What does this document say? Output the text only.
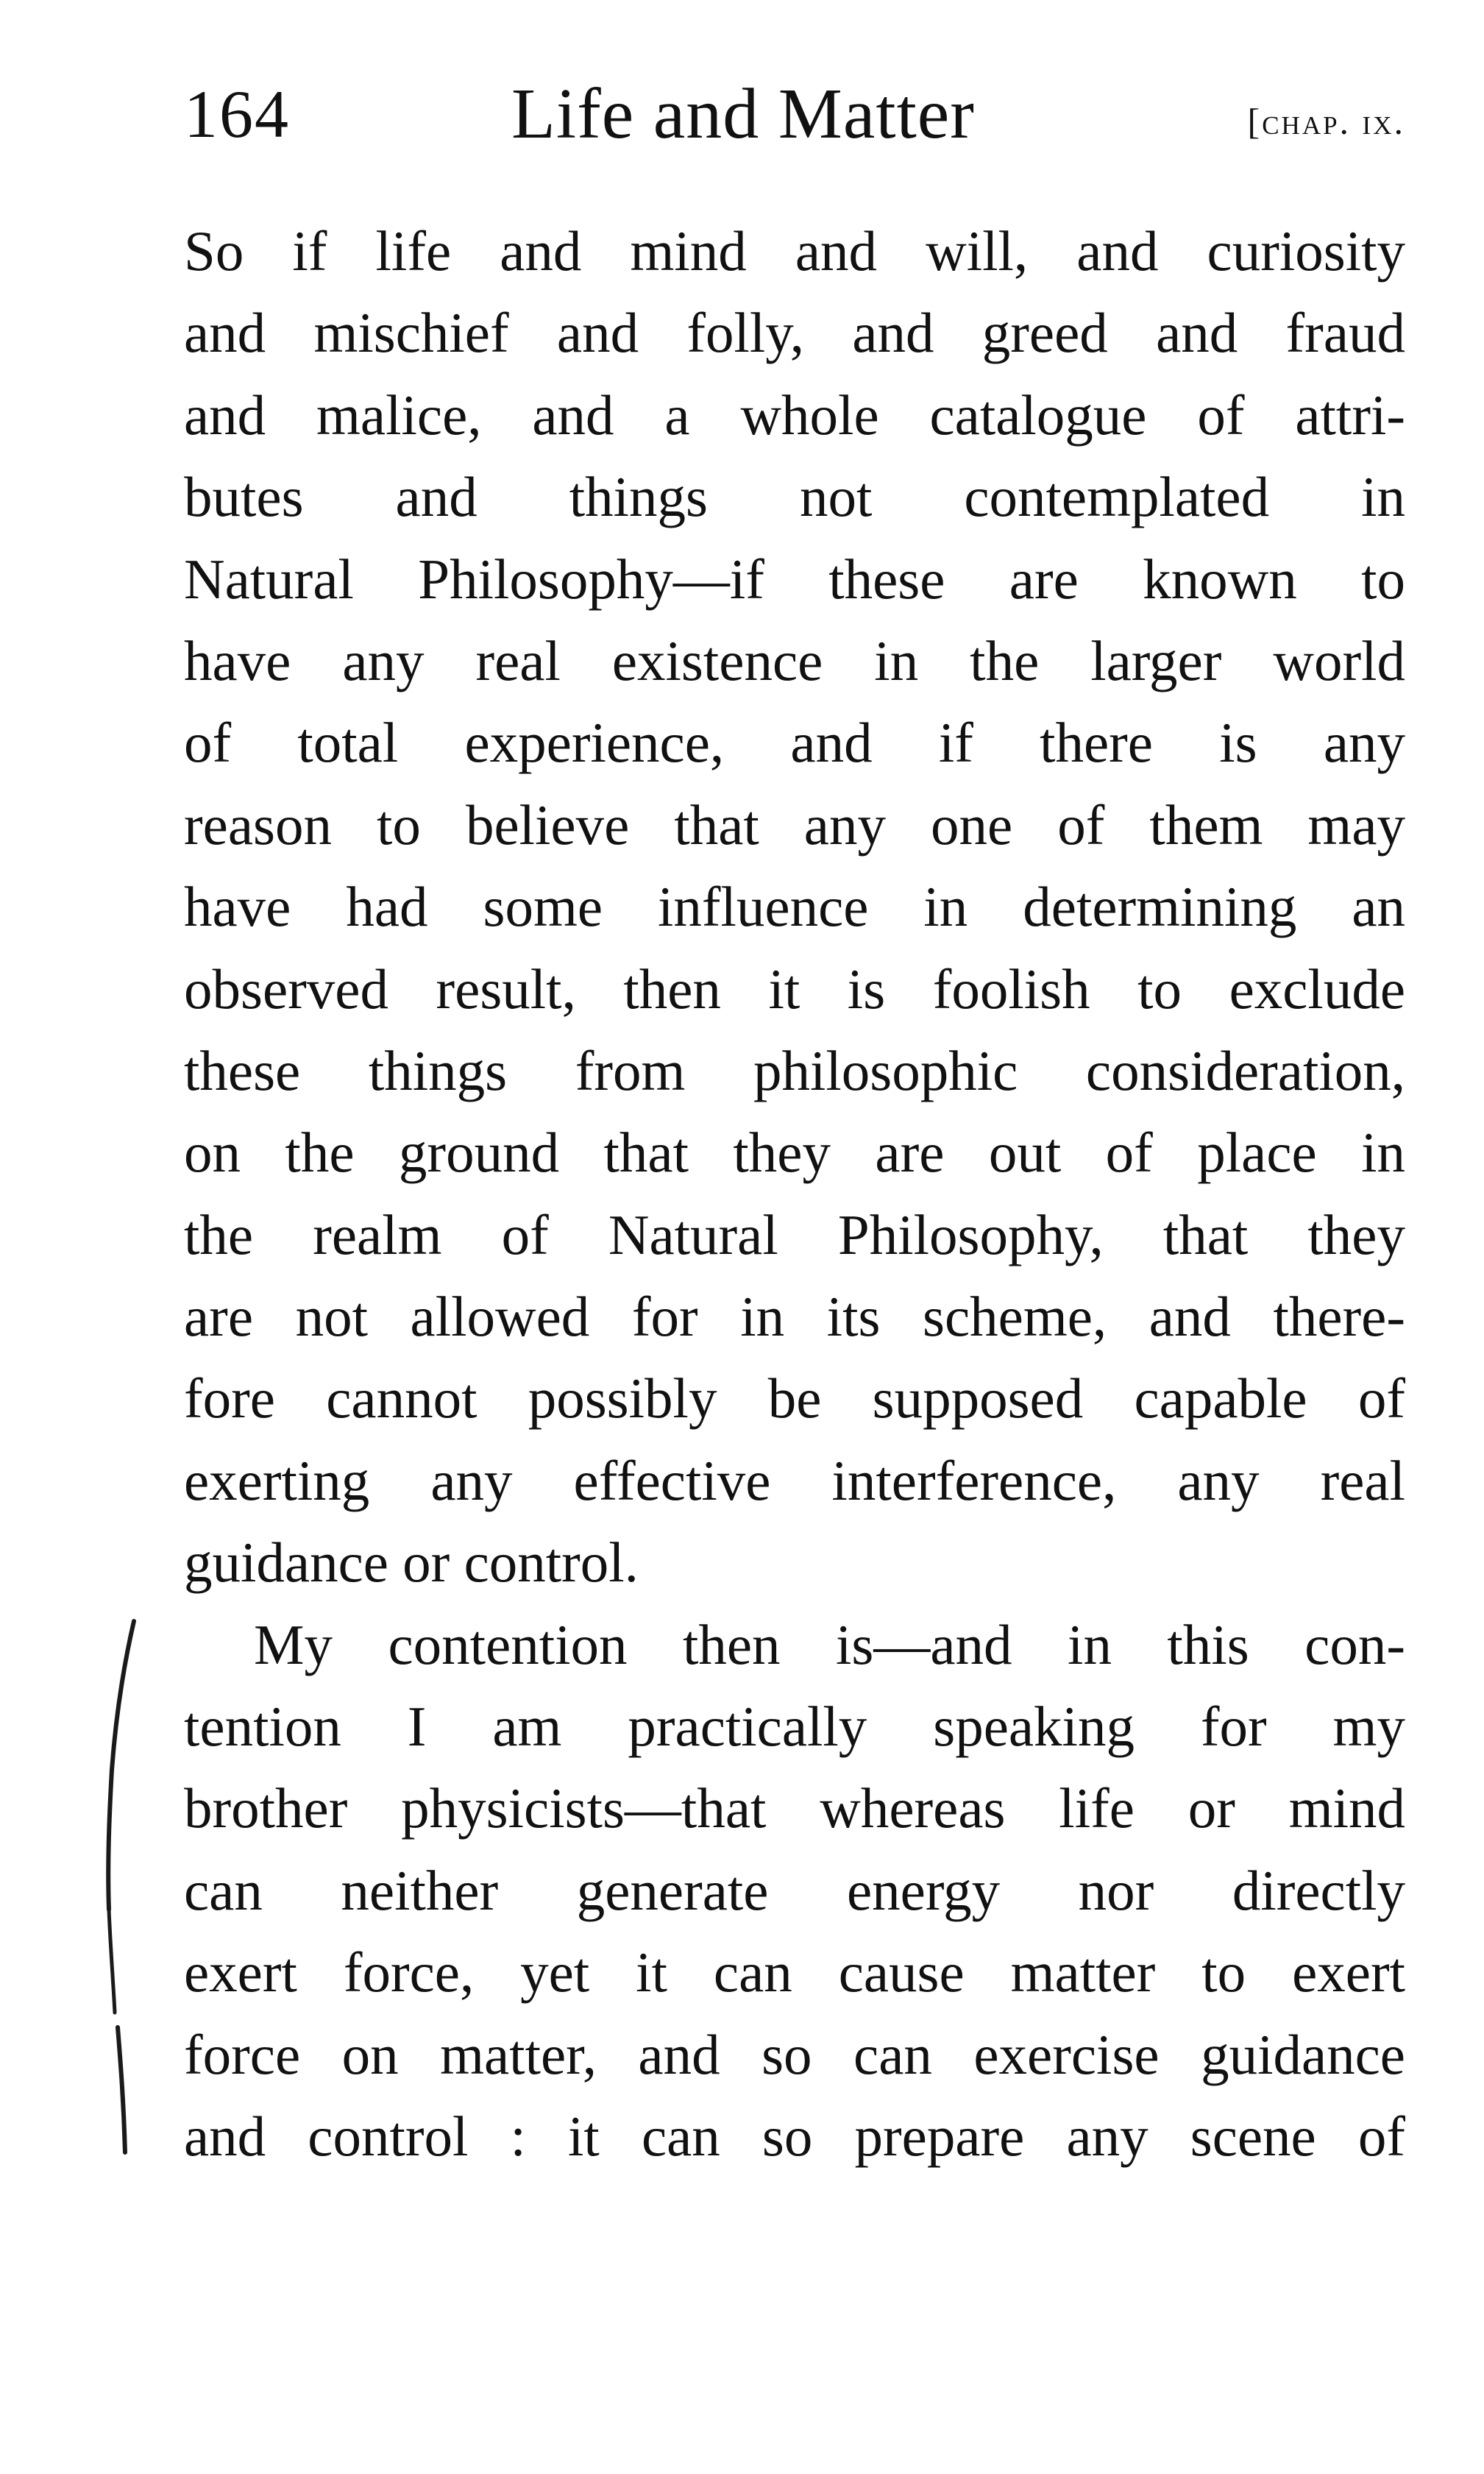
164	Life and Matter	[chap. ix.
So if life and mind and will, and curiosity
and mischief and folly, and greed and fraud
and malice, and a whole catalogue of attri-
butes and things not contemplated in
Natural Philosophy—if these are known to
have any real existence in the larger world
of total experience, and if there is any
reason to believe that any one of them may
have had some influence in determining an
observed result, then it is foolish to exclude
these things from philosophic consideration,
on the ground that they are out of place in
the realm of Natural Philosophy, that they
are not allowed for in its scheme, and there-
fore cannot possibly be supposed capable of
exerting any effective interference, any real
guidance or control.
My contention then is—and in this con-
tention I am practically speaking for my
brother physicists—that whereas life or mind
can neither generate energy nor directly
exert force, yet it can cause matter to exert
force on matter, and so can exercise guidance
and control : it can so prepare any scene of
